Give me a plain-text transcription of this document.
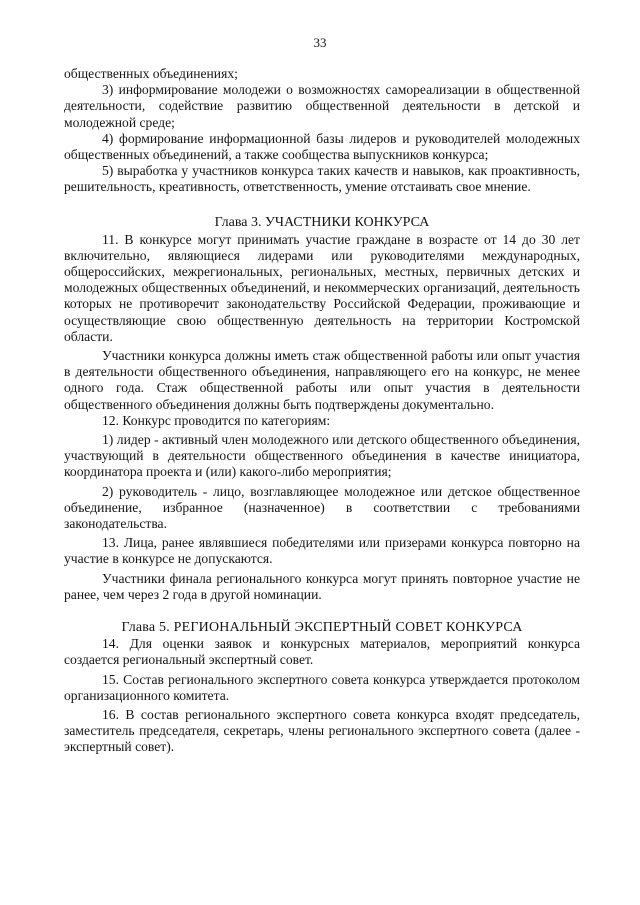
33

общественных объединениях;

3) информирование молодежи о возможностях самореализации в общественной деятельности, содействие развитию общественной деятельности в детской и молодежной среде;

4) формирование информационной базы лидеров и руководителей молодежных общественных объединений, а также сообщества выпускников конкурса;

5) выработка у участников конкурса таких качеств и навыков, как проактивность, решительность, креативность, ответственность, умение отстаивать свое мнение.

Глава 3. УЧАСТНИКИ КОНКУРСА

11. В конкурсе могут принимать участие граждане в возрасте от 14 до 30 лет включительно, являющиеся лидерами или руководителями международных, общероссийских, межрегиональных, региональных, местных, первичных детских и молодежных общественных объединений, и некоммерческих организаций, деятельность которых не противоречит законодательству Российской Федерации, проживающие и осуществляющие свою общественную деятельность на территории Костромской области.

Участники конкурса должны иметь стаж общественной работы или опыт участия в деятельности общественного объединения, направляющего его на конкурс, не менее одного года. Стаж общественной работы или опыт участия в деятельности общественного объединения должны быть подтверждены документально.

12. Конкурс проводится по категориям:

1) лидер - активный член молодежного или детского общественного объединения, участвующий в деятельности общественного объединения в качестве инициатора, координатора проекта и (или) какого-либо мероприятия;

2) руководитель - лицо, возглавляющее молодежное или детское общественное объединение, избранное (назначенное) в соответствии с требованиями законодательства.

13. Лица, ранее являвшиеся победителями или призерами конкурса повторно на участие в конкурсе не допускаются.

Участники финала регионального конкурса могут принять повторное участие не ранее, чем через 2 года в другой номинации.

Глава 5. РЕГИОНАЛЬНЫЙ ЭКСПЕРТНЫЙ СОВЕТ КОНКУРСА

14. Для оценки заявок и конкурсных материалов, мероприятий конкурса создается региональный экспертный совет.

15. Состав регионального экспертного совета конкурса утверждается протоколом организационного комитета.

16. В состав регионального экспертного совета конкурса входят председатель, заместитель председателя, секретарь, члены регионального экспертного совета (далее - экспертный совет).
